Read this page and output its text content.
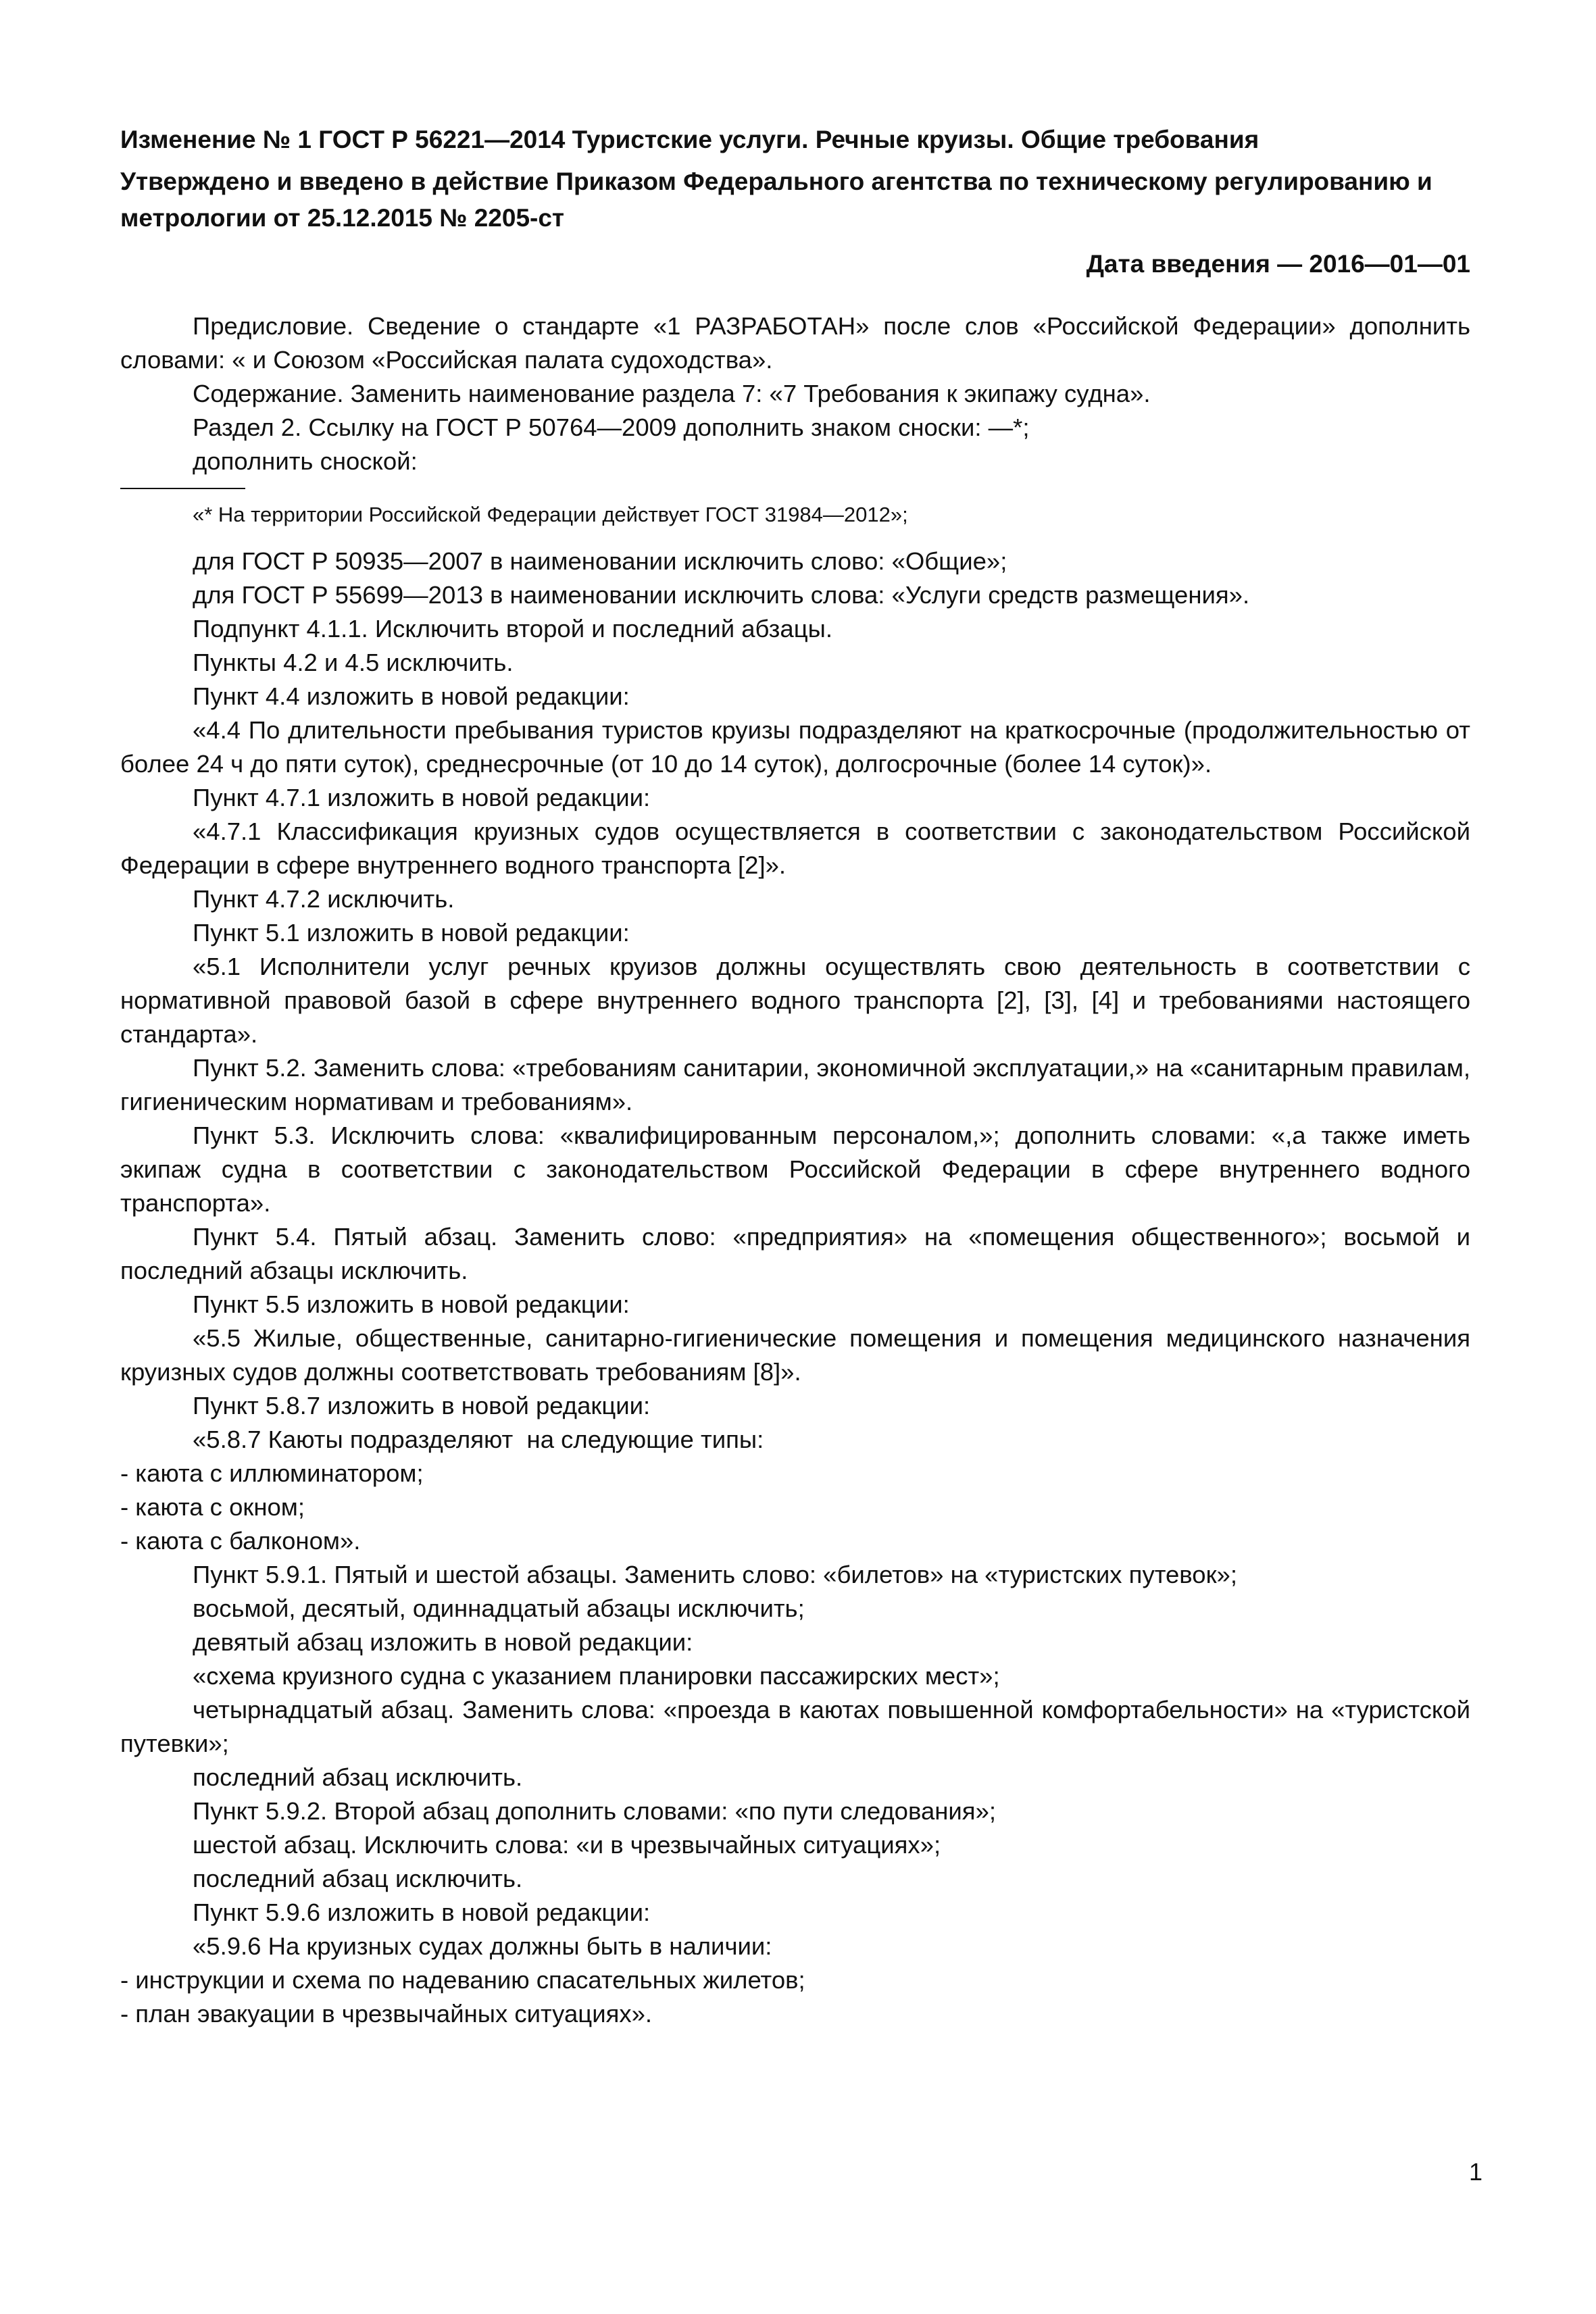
Изменение № 1 ГОСТ Р 56221—2014 Туристские услуги. Речные круизы. Общие требования

Утверждено и введено в действие Приказом Федерального агентства по техническому регулированию и метрологии от 25.12.2015 № 2205-ст

Дата введения — 2016—01—01

Предисловие. Сведение о стандарте «1 РАЗРАБОТАН» после слов «Российской Федерации» дополнить словами: « и Союзом «Российская палата судоходства».

Содержание. Заменить наименование раздела 7: «7 Требования к экипажу судна».

Раздел 2. Ссылку на ГОСТ Р 50764—2009 дополнить знаком сноски: —*;

дополнить сноской:

«* На территории Российской Федерации действует ГОСТ 31984—2012»;

для ГОСТ Р 50935—2007 в наименовании исключить слово: «Общие»;

для ГОСТ Р 55699—2013 в наименовании исключить слова: «Услуги средств размещения».

Подпункт 4.1.1. Исключить второй и последний абзацы.

Пункты 4.2 и 4.5 исключить.

Пункт 4.4 изложить в новой редакции:

«4.4 По длительности пребывания туристов круизы подразделяют на краткосрочные (продолжительностью от более 24 ч до пяти суток), среднесрочные (от 10 до 14 суток), долгосрочные (более 14 суток)».

Пункт 4.7.1 изложить в новой редакции:

«4.7.1 Классификация круизных судов осуществляется в соответствии с законодательством Российской Федерации в сфере внутреннего водного транспорта [2]».

Пункт 4.7.2 исключить.

Пункт 5.1 изложить в новой редакции:

«5.1 Исполнители услуг речных круизов должны осуществлять свою деятельность в соответствии с нормативной правовой базой в сфере внутреннего водного транспорта [2], [3], [4] и требованиями настоящего стандарта».

Пункт 5.2. Заменить слова: «требованиям санитарии, экономичной эксплуатации,» на «санитарным правилам, гигиеническим нормативам и требованиям».

Пункт 5.3. Исключить слова: «квалифицированным персоналом,»; дополнить словами: «,а также иметь экипаж судна в соответствии с законодательством Российской Федерации в сфере внутреннего водного транспорта».

Пункт 5.4. Пятый абзац. Заменить слово: «предприятия» на «помещения общественного»; восьмой и последний абзацы исключить.

Пункт 5.5 изложить в новой редакции:

«5.5 Жилые, общественные, санитарно-гигиенические помещения и помещения медицинского назначения круизных судов должны соответствовать требованиям [8]».

Пункт 5.8.7 изложить в новой редакции:

«5.8.7 Каюты подразделяют  на следующие типы:

- каюта с иллюминатором;

- каюта с окном;

- каюта с балконом».

Пункт 5.9.1. Пятый и шестой абзацы. Заменить слово: «билетов» на «туристских путевок»;

восьмой, десятый, одиннадцатый абзацы исключить;

девятый абзац изложить в новой редакции:

«схема круизного судна с указанием планировки пассажирских мест»;

четырнадцатый абзац. Заменить слова: «проезда в каютах повышенной комфортабельности» на «туристской путевки»;

последний абзац исключить.

Пункт 5.9.2. Второй абзац дополнить словами: «по пути следования»;

шестой абзац. Исключить слова: «и в чрезвычайных ситуациях»;

последний абзац исключить.

Пункт 5.9.6 изложить в новой редакции:

«5.9.6 На круизных судах должны быть в наличии:

- инструкции и схема по надеванию спасательных жилетов;

- план эвакуации в чрезвычайных ситуациях».

1
